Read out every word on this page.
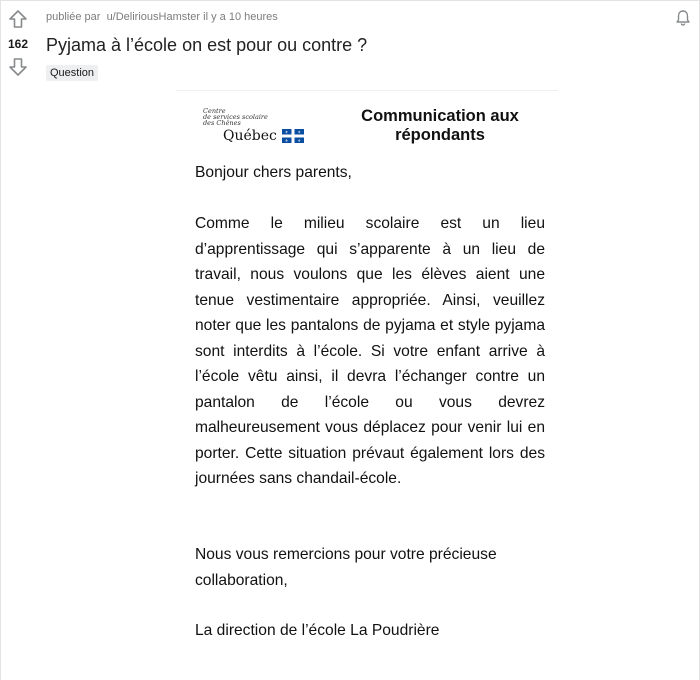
162
publiée par u/DeliriousHamster il y a 10 heures
Pyjama à l’école on est pour ou contre ?
Question
Centre
de services scolaire
des Chênes
Québec ⚜ ⚜
⚜ ⚜
Communication aux
répondants
Bonjour chers parents,
Comme le milieu scolaire est un lieu d’apprentissage qui s’apparente à un lieu de travail, nous voulons que les élèves aient une tenue vestimentaire appropriée. Ainsi, veuillez noter que les pantalons de pyjama et style pyjama sont interdits à l’école. Si votre enfant arrive à l’école vêtu ainsi, il devra l’échanger contre un pantalon de l’école ou vous devrez malheureusement vous déplacez pour venir lui en porter. Cette situation prévaut également lors des journées sans chandail-école.
Nous vous remercions pour votre précieuse collaboration,
La direction de l’école La Poudrière
